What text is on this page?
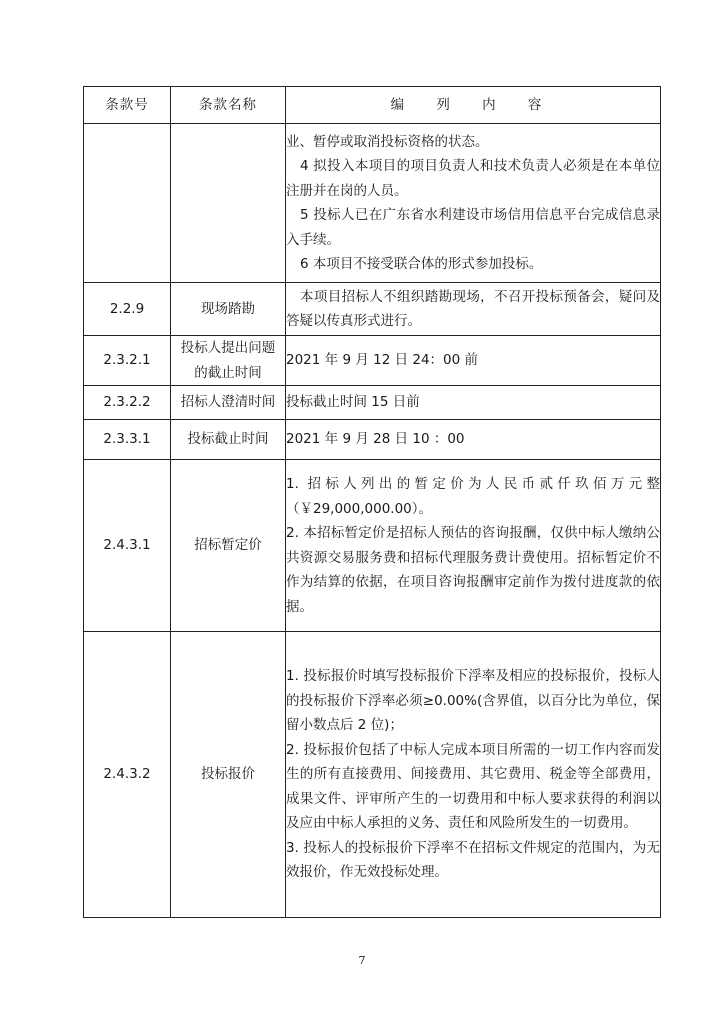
条款号	条款名称	编 列 内 容

		业、暂停或取消投标资格的状态。
4 拟投入本项目的项目负责人和技术负责人必须是在本单位注册并在岗的人员。
5 投标人已在广东省水利建设市场信用信息平台完成信息录入手续。
6 本项目不接受联合体的形式参加投标。

2.2.9	现场踏勘	本项目招标人不组织踏勘现场，不召开投标预备会，疑问及答疑以传真形式进行。

2.3.2.1	投标人提出问题的截止时间	2021 年 9 月 12 日 24：00 前

2.3.2.2	招标人澄清时间	投标截止时间 15 日前

2.3.3.1	投标截止时间	2021 年 9 月 28 日 10 ：00

2.4.3.1	招标暂定价	1. 招标人列出的暂定价为人民币贰仟玖佰万元整（￥29,000,000.00）。
2. 本招标暂定价是招标人预估的咨询报酬，仅供中标人缴纳公共资源交易服务费和招标代理服务费计费使用。招标暂定价不作为结算的依据，在项目咨询报酬审定前作为拨付进度款的依据。

2.4.3.2	投标报价	1. 投标报价时填写投标报价下浮率及相应的投标报价，投标人的投标报价下浮率必须≥0.00%(含界值，以百分比为单位，保留小数点后 2 位)；
2. 投标报价包括了中标人完成本项目所需的一切工作内容而发生的所有直接费用、间接费用、其它费用、税金等全部费用，成果文件、评审所产生的一切费用和中标人要求获得的利润以及应由中标人承担的义务、责任和风险所发生的一切费用。
3. 投标人的投标报价下浮率不在招标文件规定的范围内，为无效报价，作无效投标处理。
7
